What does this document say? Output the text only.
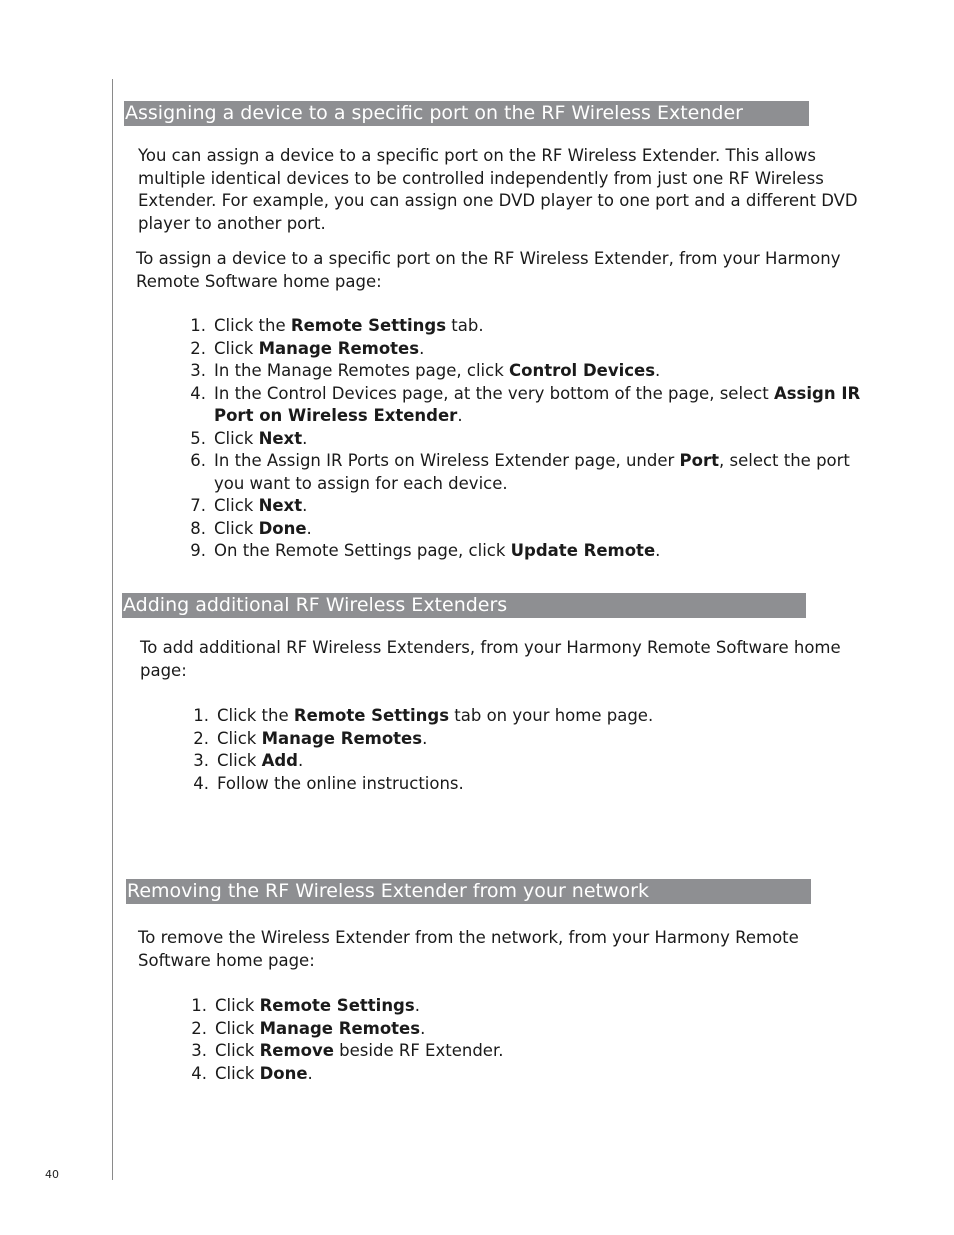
Assigning a device to a specific port on the RF Wireless Extender

You can assign a device to a specific port on the RF Wireless Extender. This allows multiple identical devices to be controlled independently from just one RF Wireless Extender. For example, you can assign one DVD player to one port and a different DVD player to another port.

To assign a device to a specific port on the RF Wireless Extender, from your Harmony Remote Software home page:

1. Click the Remote Settings tab.
2. Click Manage Remotes.
3. In the Manage Remotes page, click Control Devices.
4. In the Control Devices page, at the very bottom of the page, select Assign IR Port on Wireless Extender.
5. Click Next.
6. In the Assign IR Ports on Wireless Extender page, under Port, select the port you want to assign for each device.
7. Click Next.
8. Click Done.
9. On the Remote Settings page, click Update Remote.
Adding additional RF Wireless Extenders

To add additional RF Wireless Extenders, from your Harmony Remote Software home page:

1. Click the Remote Settings tab on your home page.
2. Click Manage Remotes.
3. Click Add.
4. Follow the online instructions.
Removing the RF Wireless Extender from your network

To remove the Wireless Extender from the network, from your Harmony Remote Software home page:

1. Click Remote Settings.
2. Click Manage Remotes.
3. Click Remove beside RF Extender.
4. Click Done.
40
